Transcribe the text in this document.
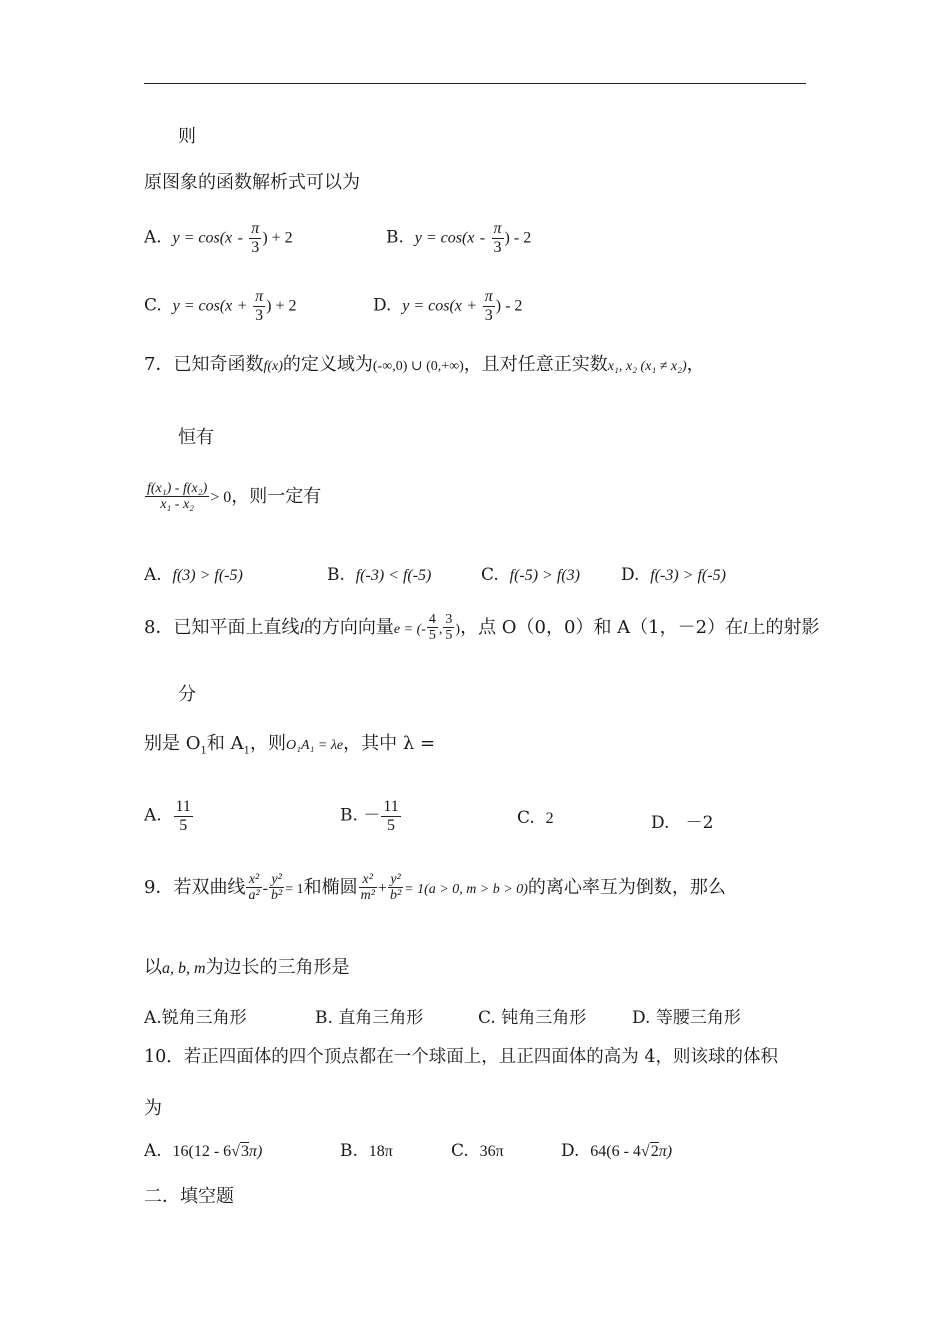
则
原图象的函数解析式可以为
A. $y = \cos(x - \frac{\pi}{3}$ ) + 2	B. $y = \cos(x - \frac{\pi}{3}$ ) - 2
C. $y = \cos(x + \frac{\pi}{3}$ ) + 2	D. $y = \cos(x + \frac{\pi}{3}$ ) - 2
7．已知奇函数f(x)的定义域为(-∞,0) ∪ (0,+∞)，且对任意正实数x₁, x₂ (x₁ ≠ x₂)，
恒有
$\frac{\text{f(x₁) - f(x₂)}}{\text{x₁ - x₂}} > 0$，则一定有
A. f(3) > f(-5)	B. f(-3) < f(-5)	C. f(-5) > f(3) D. f(-3) > f(-5)
8．已知平面上直线l的方向向量e = (- $\frac{4}{5}$ , $\frac{3}{5}$ )，点 O（0，0）和 A（1，－2）在l上的射影
分
别是 $O_1$和 $A_1$，则O₁A₁ = λe，其中 λ =
A. $\frac{11}{5}$	B. － $\frac{11}{5}$	C. 2	D. －2
9．若双曲线 $\frac{\text{x²}}{\text{a²}} - \frac{\text{y²}}{\text{b²}} = 1$和椭圆 $\frac{\text{x²}}{\text{m²}} + \frac{\text{y²}}{\text{b²}} = 1(a > 0$, m > b > 0)的离心率互为倒数，那么
以a, b, m为边长的三角形是
A.锐角三角形	B. 直角三角形	C. 钝角三角形	D. 等腰三角形
10．若正四面体的四个顶点都在一个球面上，且正四面体的高为 4，则该球的体积
为
A. 16(12 - 6√3π)	B. 18π	C. 36π	D. 64(6 - 4√2π)
二．填空题
